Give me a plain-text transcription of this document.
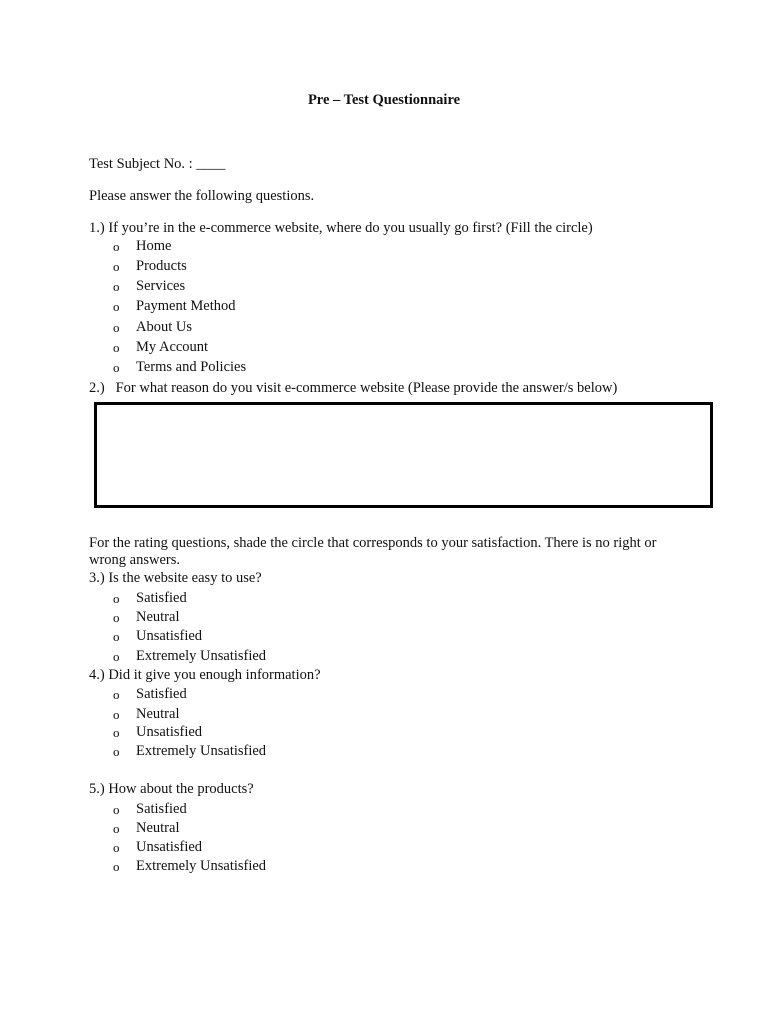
Pre – Test Questionnaire
Test Subject No. : ____
Please answer the following questions.
1.) If you’re in the e-commerce website, where do you usually go first? (Fill the circle)
o Home
o Products
o Services
o Payment Method
o About Us
o My Account
o Terms and Policies
2.)   For what reason do you visit e-commerce website (Please provide the answer/s below)
For the rating questions, shade the circle that corresponds to your satisfaction. There is no right or wrong answers.
3.) Is the website easy to use?
o Satisfied
o Neutral
o Unsatisfied
o Extremely Unsatisfied
4.) Did it give you enough information?
o Satisfied
o Neutral
o Unsatisfied
o Extremely Unsatisfied
5.) How about the products?
o Satisfied
o Neutral
o Unsatisfied
o Extremely Unsatisfied
